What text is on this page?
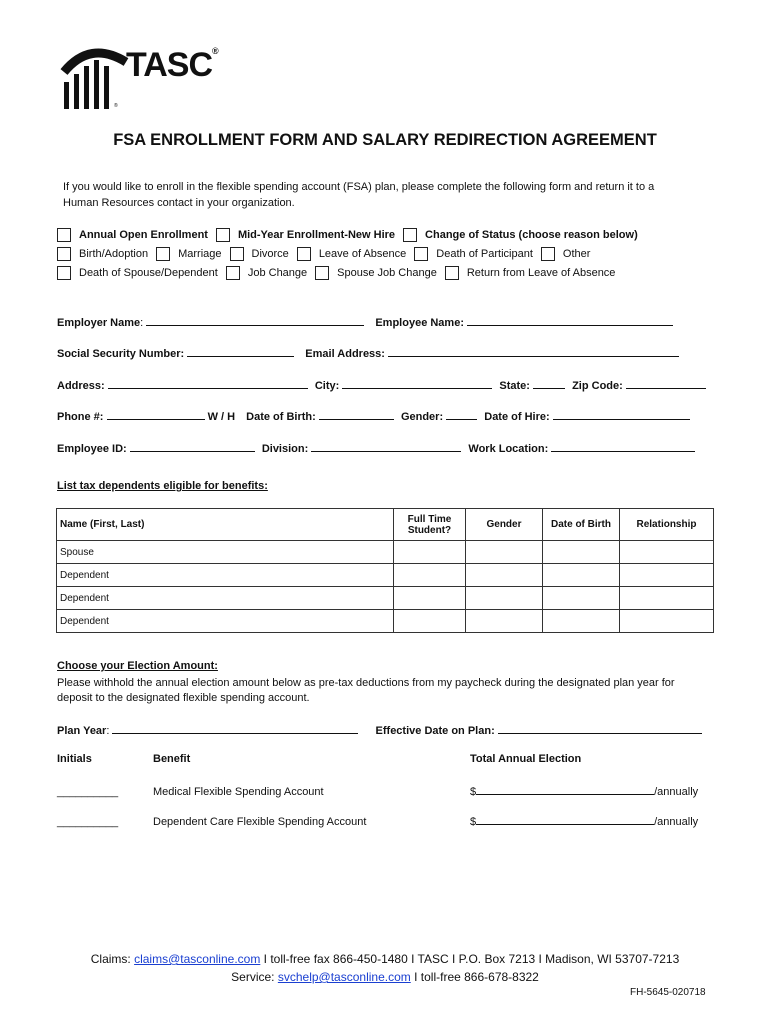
TASC®
®
FSA ENROLLMENT FORM AND SALARY REDIRECTION AGREEMENT
If you would like to enroll in the flexible spending account (FSA) plan, please complete the following form and return it to a
Human Resources contact in your organization.
Annual Open Enrollment	Mid-Year Enrollment-New Hire	Change of Status (choose reason below)
Birth/Adoption	Marriage	Divorce	Leave of Absence	Death of Participant	Other
Death of Spouse/Dependent	Job Change	Spouse Job Change	Return from Leave of Absence
Employer Name:	Employee Name:
Social Security Number:	Email Address:
Address:	City:	State:	Zip Code:
Phone #:	W / H Date of Birth:	Gender:	Date of Hire:
Employee ID:	Division:	Work Location:
List tax dependents eligible for benefits:
Name (First, Last)	Full Time
Student?	Gender	Date of Birth	Relationship
Spouse				
Dependent				
Dependent				
Dependent				
Choose your Election Amount:
Please withhold the annual election amount below as pre-tax deductions from my paycheck during the designated plan year for
deposit to the designated flexible spending account.
Plan Year:	Effective Date on Plan:
Initials	Benefit	Total Annual Election
__________	Medical Flexible Spending Account	$	/annually
__________	Dependent Care Flexible Spending Account	$	/annually
Claims: claims@tasconline.com I toll-free fax 866-450-1480 I TASC I P.O. Box 7213 I Madison, WI 53707-7213
Service: svchelp@tasconline.com I toll-free 866-678-8322
FH-5645-020718
